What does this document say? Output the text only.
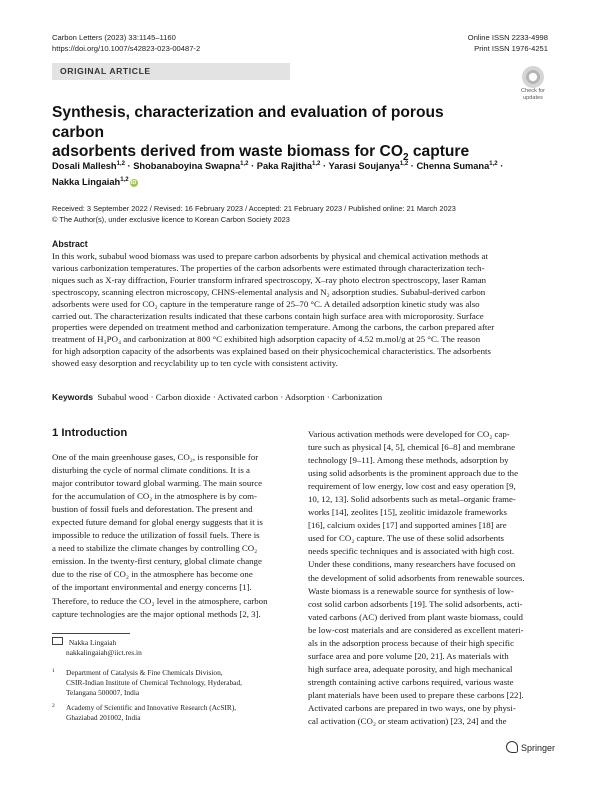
Carbon Letters (2023) 33:1145–1160
https://doi.org/10.1007/s42823-023-00487-2
Online ISSN 2233-4998
Print ISSN 1976-4251
ORIGINAL ARTICLE
Check for
updates
Synthesis, characterization and evaluation of porous carbon
adsorbents derived from waste biomass for $CO_2$ capture
Dosali Mallesh$^{1,2}$ · Shobanaboyina Swapna$^{1,2}$ · Paka Rajitha$^{1,2}$ · Yarasi Soujanya$^{1,2}$ · Chenna Sumana$^{1,2}$ ·
Nakka Lingaiah$^{1,2}$iD
Received: 3 September 2022 / Revised: 16 February 2023 / Accepted: 21 February 2023 / Published online: 21 March 2023
© The Author(s), under exclusive licence to Korean Carbon Society 2023
Abstract
In this work, subabul wood biomass was used to prepare carbon adsorbents by physical and chemical activation methods at
various carbonization temperatures. The properties of the carbon adsorbents were estimated through characterization tech-
niques such as X-ray diffraction, Fourier transform infrared spectroscopy, X–ray photo electron spectroscopy, laser Raman
spectroscopy, scanning electron microscopy, CHNS-elemental analysis and N₂ adsorption studies. Subabul-derived carbon
adsorbents were used for CO₂ capture in the temperature range of 25–70 °C. A detailed adsorption kinetic study was also
carried out. The characterization results indicated that these carbons contain high surface area with microporosity. Surface
properties were depended on treatment method and carbonization temperature. Among the carbons, the carbon prepared after
treatment of H₃PO₄ and carbonization at 800 °C exhibited high adsorption capacity of 4.52 m.mol/g at 25 °C. The reason
for high adsorption capacity of the adsorbents was explained based on their physicochemical characteristics. The adsorbents
showed easy desorption and recyclability up to ten cycle with consistent activity.
Keywords Subabul wood · Carbon dioxide · Activated carbon · Adsorption · Carbonization
1 Introduction
One of the main greenhouse gases, CO₂, is responsible for
disturbing the cycle of normal climate conditions. It is a
major contributor toward global warming. The main source
for the accumulation of CO₂ in the atmosphere is by com-
bustion of fossil fuels and deforestation. The present and
expected future demand for global energy suggests that it is
impossible to reduce the utilization of fossil fuels. There is
a need to stabilize the climate changes by controlling CO₂
emission. In the twenty-first century, global climate change
due to the rise of CO₂ in the atmosphere has become one
of the important environmental and energy concerns [1].
Therefore, to reduce the CO₂ level in the atmosphere, carbon
capture technologies are the major optional methods [2, 3].
Various activation methods were developed for CO₂ cap-
ture such as physical [4, 5], chemical [6–8] and membrane
technology [9–11]. Among these methods, adsorption by
using solid adsorbents is the prominent approach due to the
requirement of low energy, low cost and easy operation [9,
10, 12, 13]. Solid adsorbents such as metal–organic frame-
works [14], zeolites [15], zeolitic imidazole frameworks
[16], calcium oxides [17] and supported amines [18] are
used for CO₂ capture. The use of these solid adsorbents
needs specific techniques and is associated with high cost.
Under these conditions, many researchers have focused on
the development of solid adsorbents from renewable sources.
Waste biomass is a renewable source for synthesis of low-
cost solid carbon adsorbents [19]. The solid adsorbents, acti-
vated carbons (AC) derived from plant waste biomass, could
be low-cost materials and are considered as excellent materi-
als in the adsorption process because of their high specific
surface area and pore volume [20, 21]. As materials with
high surface area, adequate porosity, and high mechanical
strength containing active carbons required, various waste
plant materials have been used to prepare these carbons [22].
Activated carbons are prepared in two ways, one by physi-
cal activation (CO₂ or steam activation) [23, 24] and the
Nakka Lingaiah
nakkalingaiah@iict.res.in
1 Department of Catalysis & Fine Chemicals Division,
CSIR-Indian Institute of Chemical Technology, Hyderabad,
Telangana 500007, India
2 Academy of Scientific and Innovative Research (AcSIR),
Ghaziabad 201002, India
Springer
